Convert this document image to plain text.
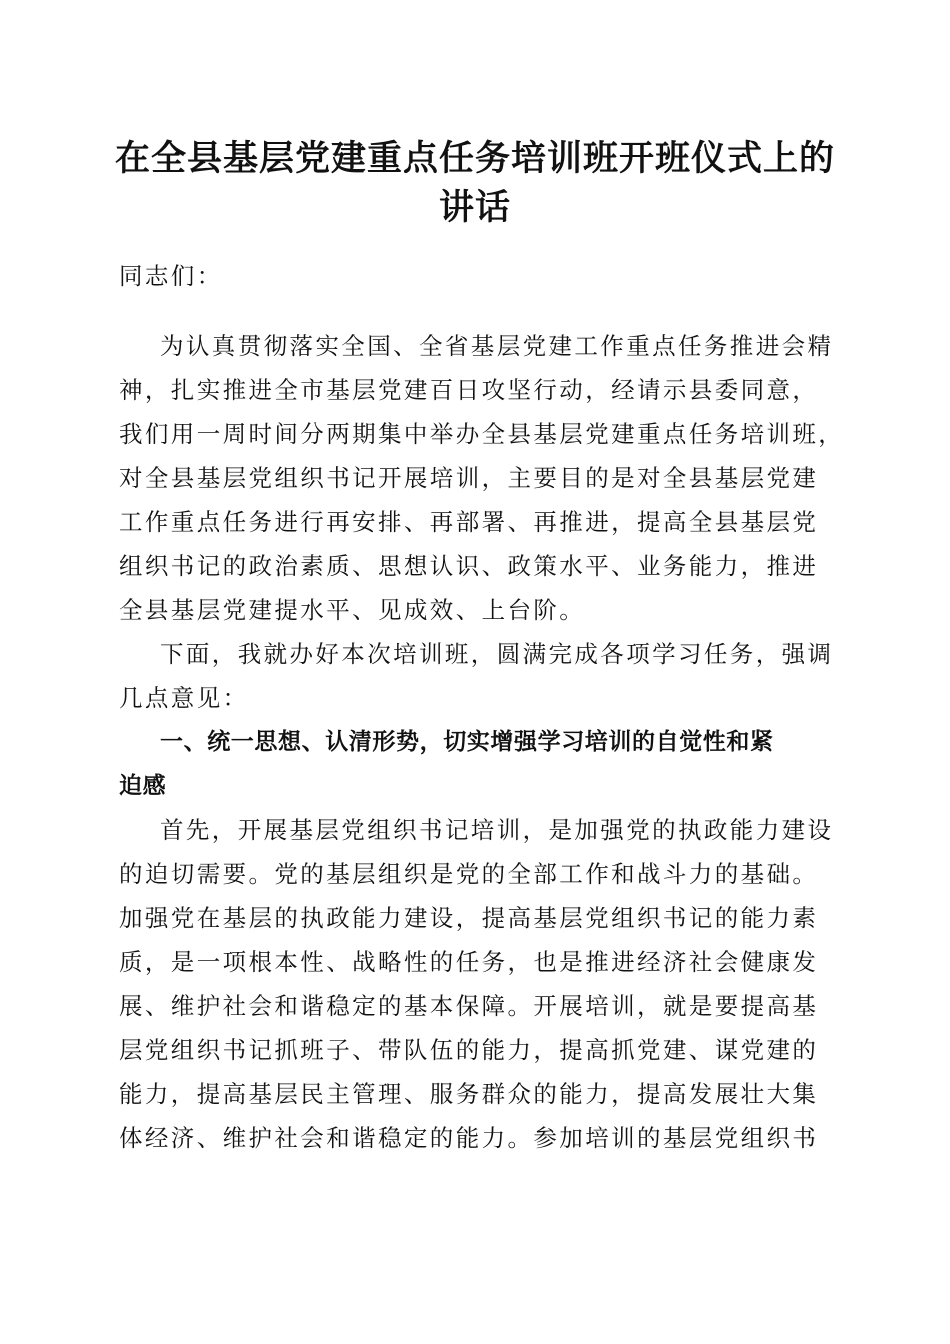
在全县基层党建重点任务培训班开班仪式上的
讲话
同志们：
为认真贯彻落实全国、全省基层党建工作重点任务推进会精
神，扎实推进全市基层党建百日攻坚行动，经请示县委同意，
我们用一周时间分两期集中举办全县基层党建重点任务培训班，
对全县基层党组织书记开展培训，主要目的是对全县基层党建
工作重点任务进行再安排、再部署、再推进，提高全县基层党
组织书记的政治素质、思想认识、政策水平、业务能力，推进
全县基层党建提水平、见成效、上台阶。
下面，我就办好本次培训班，圆满完成各项学习任务，强调
几点意见：
一、统一思想、认清形势，切实增强学习培训的自觉性和紧
迫感
首先，开展基层党组织书记培训，是加强党的执政能力建设
的迫切需要。党的基层组织是党的全部工作和战斗力的基础。
加强党在基层的执政能力建设，提高基层党组织书记的能力素
质，是一项根本性、战略性的任务，也是推进经济社会健康发
展、维护社会和谐稳定的基本保障。开展培训，就是要提高基
层党组织书记抓班子、带队伍的能力，提高抓党建、谋党建的
能力，提高基层民主管理、服务群众的能力，提高发展壮大集
体经济、维护社会和谐稳定的能力。参加培训的基层党组织书
